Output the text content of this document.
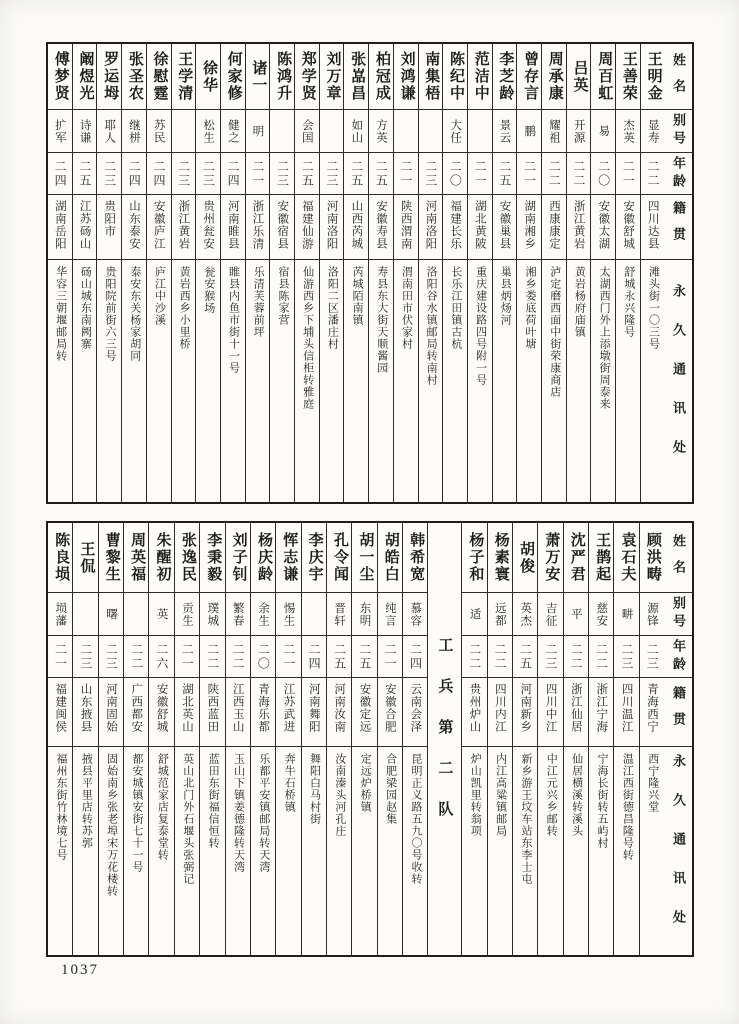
傅梦贤
扩军
二四
湖南岳阳
华容三朝堰邮局转
阚煜光
诗谦
二五
江苏砀山
砀山城东南阙寨
罗运坶
耶人
二三
贵阳市
贵阳院前街六三号
张圣农
继栟
二四
山东泰安
泰安东关杨家胡同
徐慰霆
苏民
二四
安徽庐江
庐江中沙溪
王学清
二三
浙江黄岩
黄岩西乡小里桥
徐华
松生
二三
贵州瓮安
瓮安猴场
何家修
健之
二四
河南睢县
睢县内鱼市街十一号
诸一
明
二一
浙江乐清
乐清芙蓉前坪
陈鸿升
二三
安徽宿县
宿县陈家营
郑学贤
会国
二五
福建仙游
仙游西乡下埔头信柜转雅庭
刘万章
二三
河南洛阳
洛阳二区潘庄村
张嵓昌
如山
二五
山西芮城
芮城陌南镇
柏冠成
方英
二五
安徽寿县
寿县东大街天顺酱园
刘鸿谦
二一
陕西渭南
渭南田市伏家村
南集梧
二三
河南洛阳
洛阳谷水镇邮局转南村
陈纪中
大任
二〇
福建长乐
长乐江田镇古杭
范洁中
二一
湖北黄陂
重庆建设路四号附一号
李芝龄
景云
二五
安徽巢县
巢县炳炀河
曾存言
鹏
二一
湖南湘乡
湘乡娄底荷叶塘
周承康
耀祖
二二
西康康定
泸定磨西面中街荣康商店
吕英
开源
二二
浙江黄岩
黄岩杨府庙镇
周百虹
易
二〇
安徽太湖
太湖西门外上添墩街周泰来
王善荣
杰英
二一
安徽舒城
舒城永兴隆号
王明金
显寿
二二
四川达县
滩头街一〇三号
姓名
别号
年龄
籍贯
永久通讯处
陈良埙
埙藩
二一
福建闽侯
福州东街竹林境七号
王侃
二三
山东掖县
掖县平里店转苏郭
曹黎生
曙
二三
河南固始
固始南乡张老埠宋万花楼转
周英福
二二
广西都安
都安城镇安街七十一号
朱醒初
英
二六
安徽舒城
舒城范家店复泰堂转
张逸民
贡生
二一
湖北英山
英山北门外石堰头张弼记
李秉毅
璞城
二二
陕西蓝田
蓝田东街福信恒转
刘子钊
繁春
二二
江西玉山
玉山下镇姜德隆转天湾
杨庆龄
余生
二〇
青海乐都
乐都平安镇邮局转天湾
恽志谦
惕生
二一
江苏武进
奔牛石桥镇
李庆宇
二四
河南舞阳
舞阳白马村街
孔令闻
晋轩
二五
河南汝南
汝南溱头河孔庄
胡一尘
东明
二五
安徽定远
定远炉桥镇
胡皓白
纯言
二一
安徽合肥
合肥梁园赵集
韩希宽
慕容
二四
云南会泽
昆明正义路五九〇号收转 工兵第二队
杨子和
适
二二
贵州炉山
炉山凯里转翁项
杨素寰
远都
二二
四川内江
内江高粱镇邮局
胡俊
英杰
二五
河南新乡
新乡游王坟车站东李士屯
萧万安
吉征
二三
四川中江
中江元兴乡邮转
沈严君
平
二二
浙江仙居
仙居横溪转溪头
王鹊起
慈安
二二
浙江宁海
宁海长街转五屿村
袁石夫
畊
二三
四川温江
温江西街德昌隆号转
顾洪畴
源锋
二三
青海西宁
西宁隆兴堂
姓名
别号
年龄
籍贯
永久通讯处
1037
